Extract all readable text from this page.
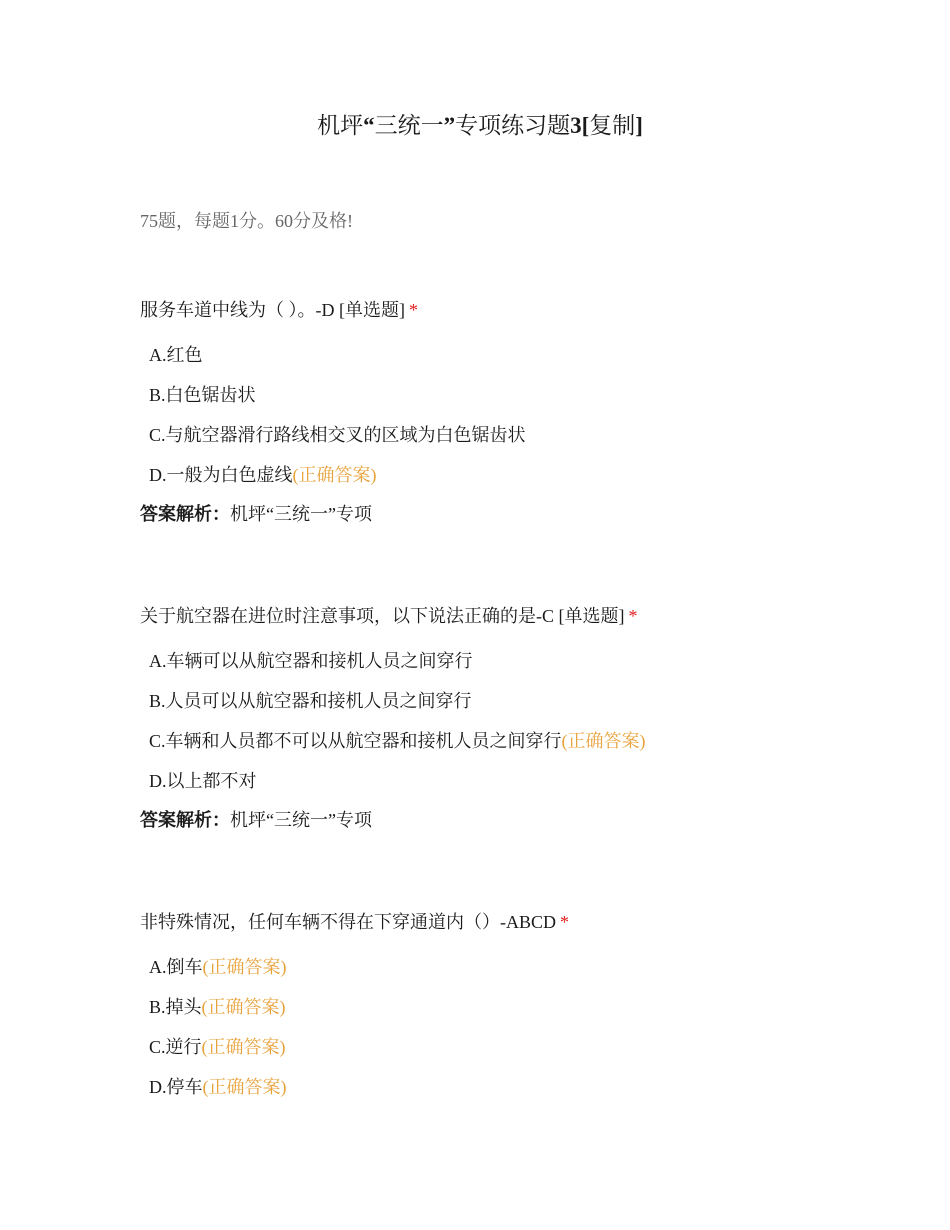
机坪“三统一”专项练习题3[复制]
75题，每题1分。60分及格!
服务车道中线为（ ）。-D [单选题] *
A.红色
B.白色锯齿状
C.与航空器滑行路线相交叉的区域为白色锯齿状
D.一般为白色虚线(正确答案)
答案解析：机坪“三统一”专项
关于航空器在进位时注意事项，以下说法正确的是-C [单选题] *
A.车辆可以从航空器和接机人员之间穿行
B.人员可以从航空器和接机人员之间穿行
C.车辆和人员都不可以从航空器和接机人员之间穿行(正确答案)
D.以上都不对
答案解析：机坪“三统一”专项
非特殊情况，任何车辆不得在下穿通道内（）-ABCD *
A.倒车(正确答案)
B.掉头(正确答案)
C.逆行(正确答案)
D.停车(正确答案)
